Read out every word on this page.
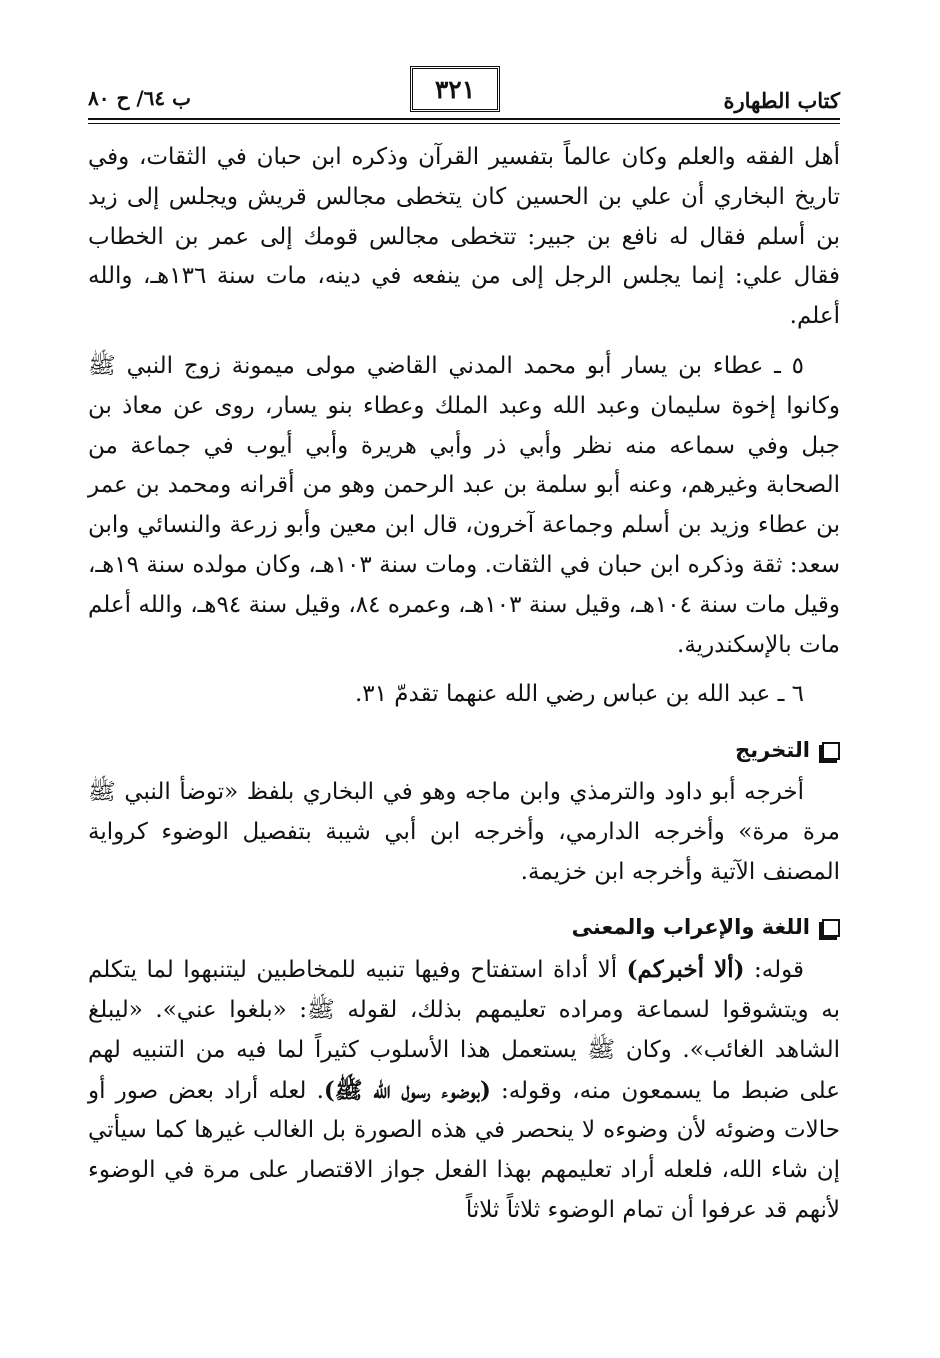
كتاب الطهارة
٣٢١
ب ٦٤/ ح ٨٠

أهل الفقه والعلم وكان عالماً بتفسير القرآن وذكره ابن حبان في الثقات، وفي تاريخ البخاري أن علي بن الحسين كان يتخطى مجالس قريش ويجلس إلى زيد بن أسلم فقال له نافع بن جبير: تتخطى مجالس قومك إلى عمر بن الخطاب فقال علي: إنما يجلس الرجل إلى من ينفعه في دينه، مات سنة ١٣٦هـ، والله أعلم.

٥ ـ عطاء بن يسار أبو محمد المدني القاضي مولى ميمونة زوج النبي ﷺ وكانوا إخوة سليمان وعبد الله وعبد الملك وعطاء بنو يسار، روى عن معاذ بن جبل وفي سماعه منه نظر وأبي ذر وأبي هريرة وأبي أيوب في جماعة من الصحابة وغيرهم، وعنه أبو سلمة بن عبد الرحمن وهو من أقرانه ومحمد بن عمر بن عطاء وزيد بن أسلم وجماعة آخرون، قال ابن معين وأبو زرعة والنسائي وابن سعد: ثقة وذكره ابن حبان في الثقات. ومات سنة ١٠٣هـ، وكان مولده سنة ١٩هـ، وقيل مات سنة ١٠٤هـ، وقيل سنة ١٠٣هـ، وعمره ٨٤، وقيل سنة ٩٤هـ، والله أعلم مات بالإسكندرية.

٦ ـ عبد الله بن عباس رضي الله عنهما تقدمّ ٣١.

التخريج

أخرجه أبو داود والترمذي وابن ماجه وهو في البخاري بلفظ «توضأ النبي ﷺ مرة مرة» وأخرجه الدارمي، وأخرجه ابن أبي شيبة بتفصيل الوضوء كرواية المصنف الآتية وأخرجه ابن خزيمة.

اللغة والإعراب والمعنى

قوله: (ألا أخبركم) ألا أداة استفتاح وفيها تنبيه للمخاطبين ليتنبهوا لما يتكلم به ويتشوقوا لسماعة ومراده تعليمهم بذلك، لقوله ﷺ: «بلغوا عني». «ليبلغ الشاهد الغائب». وكان ﷺ يستعمل هذا الأسلوب كثيراً لما فيه من التنبيه لهم على ضبط ما يسمعون منه، وقوله: (بوضوء رسول الله ﷺ). لعله أراد بعض صور أو حالات وضوئه لأن وضوءه لا ينحصر في هذه الصورة بل الغالب غيرها كما سيأتي إن شاء الله، فلعله أراد تعليمهم بهذا الفعل جواز الاقتصار على مرة في الوضوء لأنهم قد عرفوا أن تمام الوضوء ثلاثاً ثلاثاً
